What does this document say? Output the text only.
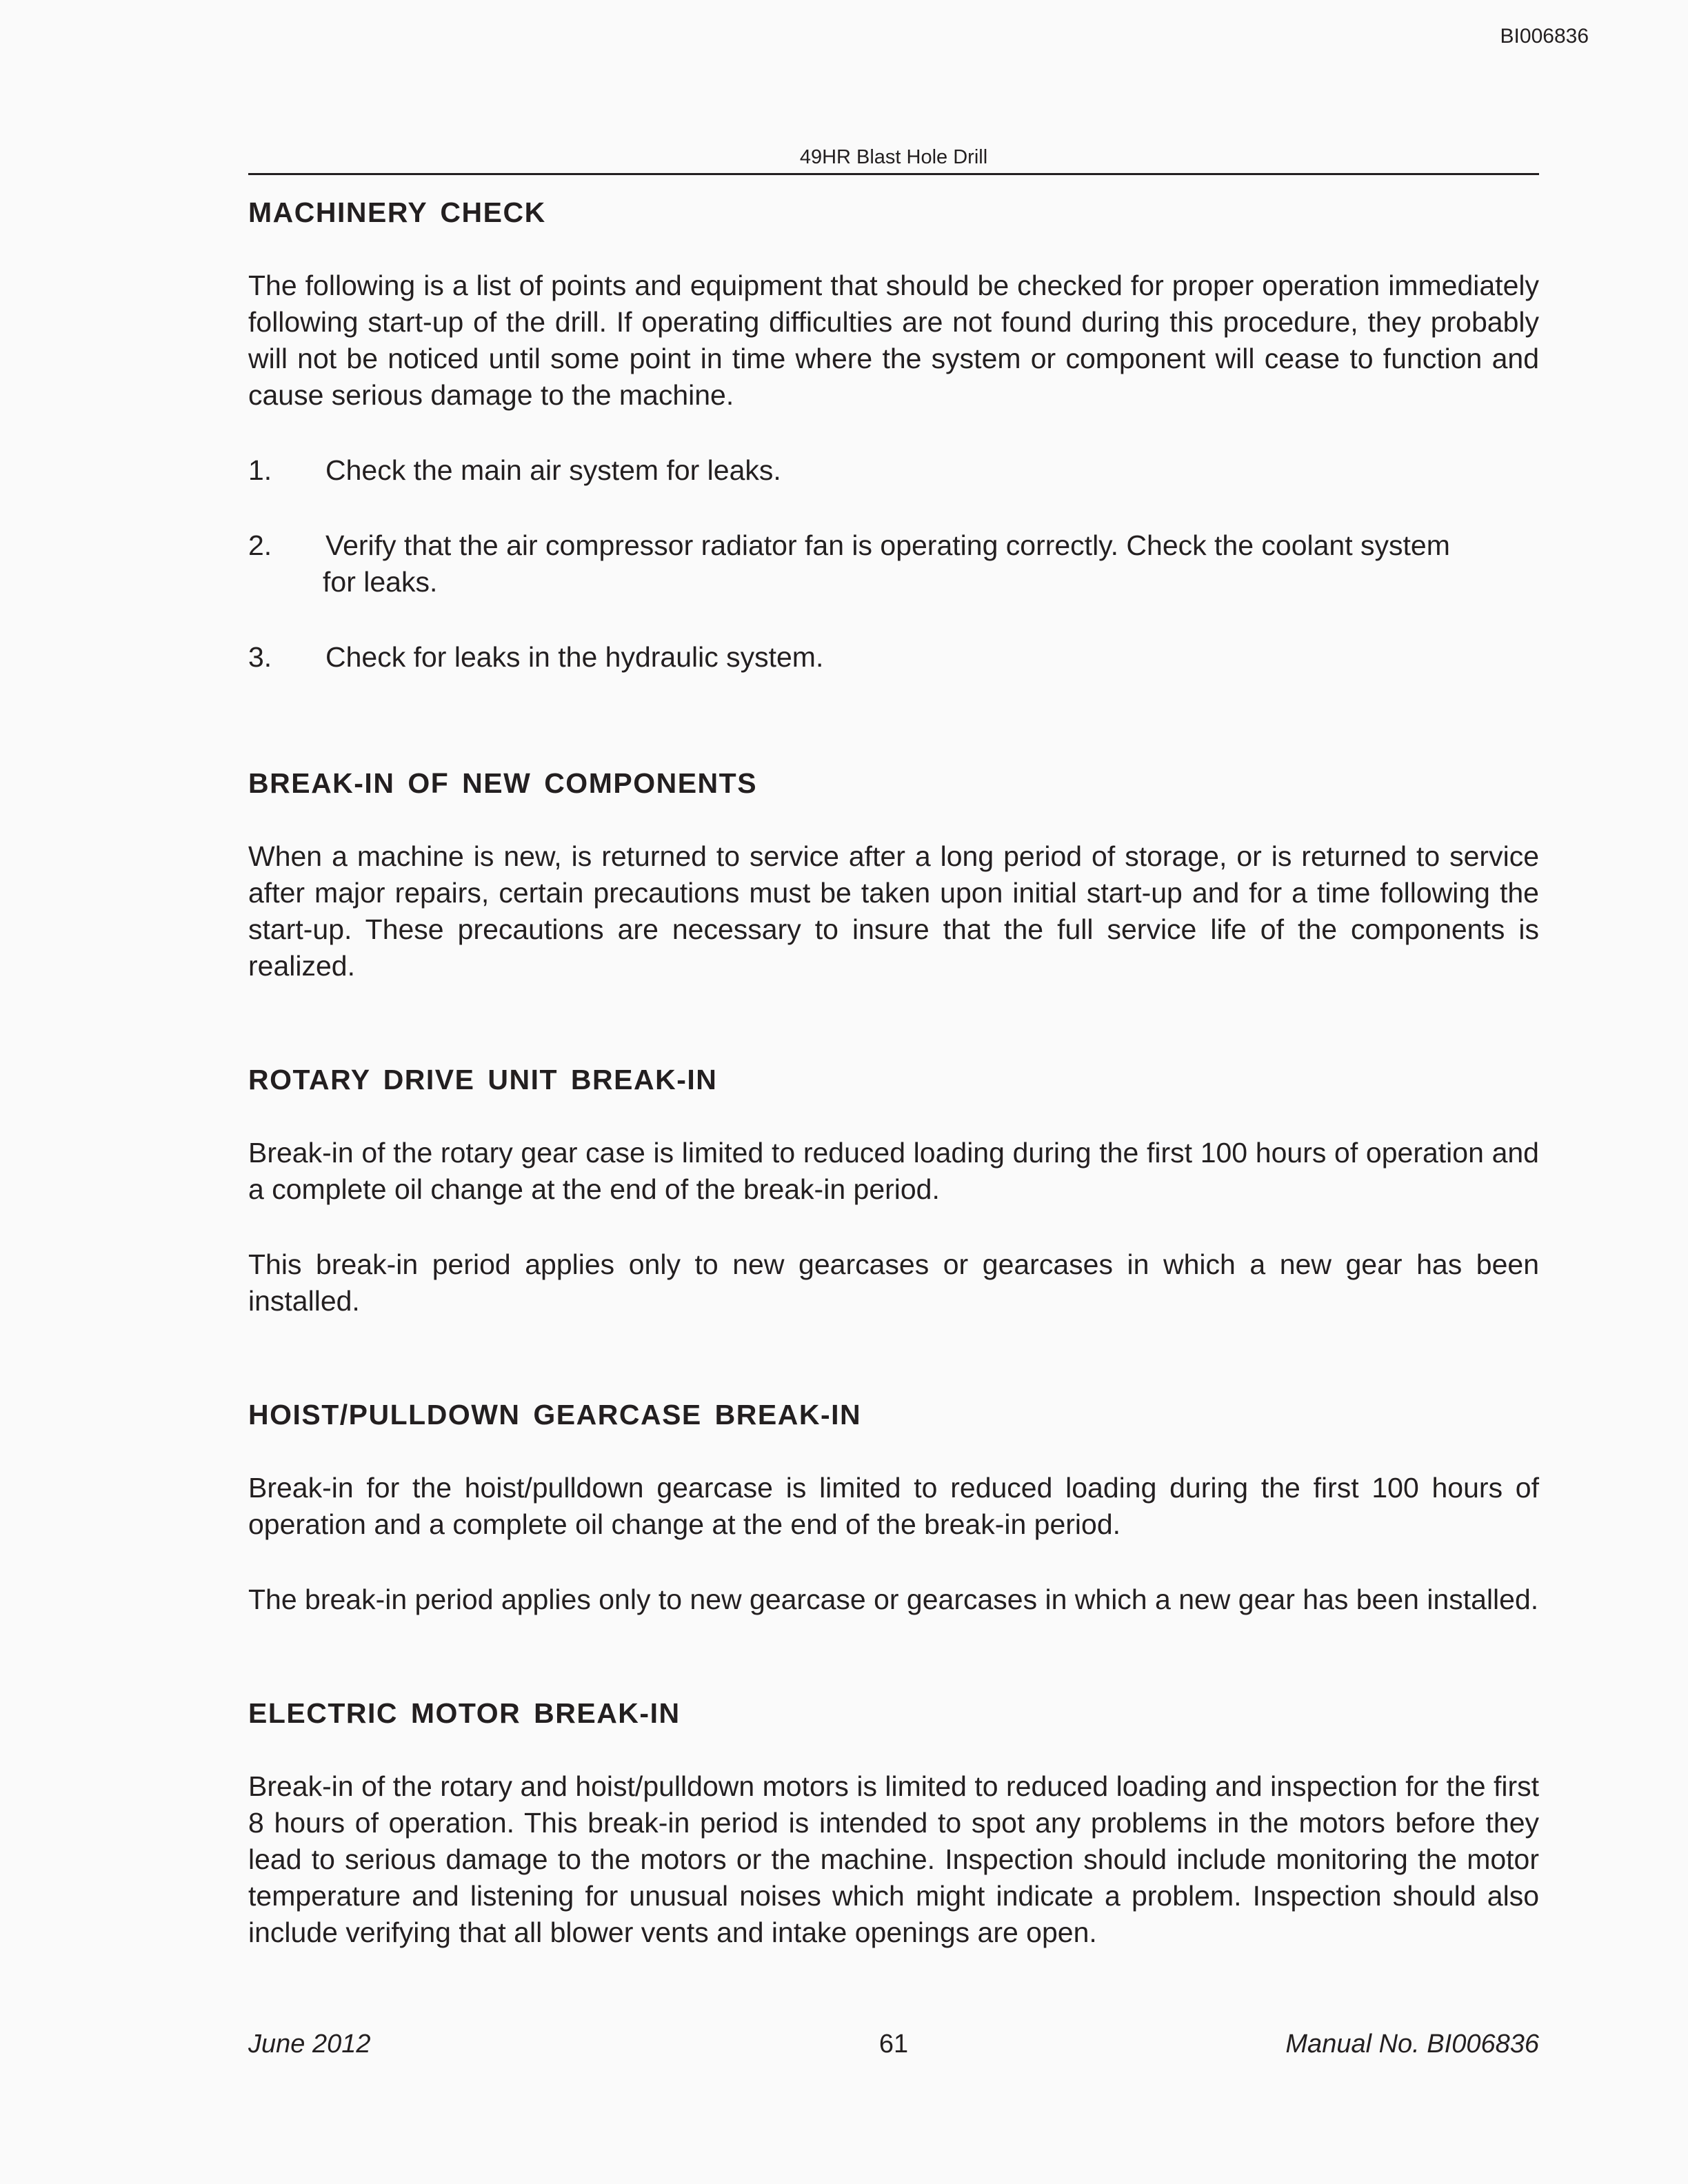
BI006836
49HR Blast Hole Drill
MACHINERY CHECK

The following is a list of points and equipment that should be checked for proper operation immediately following start-up of the drill. If operating difficulties are not found during this procedure, they probably will not be noticed until some point in time where the system or component will cease to function and cause serious damage to the machine.

1.	Check the main air system for leaks.
2.	Verify that the air compressor radiator fan is operating correctly. Check the coolant system
for leaks.
3.	Check for leaks in the hydraulic system.
BREAK-IN OF NEW COMPONENTS

When a machine is new, is returned to service after a long period of storage, or is returned to service after major repairs, certain precautions must be taken upon initial start-up and for a time following the start-up. These precautions are necessary to insure that the full service life of the components is realized.

ROTARY DRIVE UNIT BREAK-IN

Break-in of the rotary gear case is limited to reduced loading during the first 100 hours of operation and a complete oil change at the end of the break-in period.

This break-in period applies only to new gearcases or gearcases in which a new gear has been installed.

HOIST/PULLDOWN GEARCASE BREAK-IN

Break-in for the hoist/pulldown gearcase is limited to reduced loading during the first 100 hours of operation and a complete oil change at the end of the break-in period.

The break-in period applies only to new gearcase or gearcases in which a new gear has been installed.

ELECTRIC MOTOR BREAK-IN

Break-in of the rotary and hoist/pulldown motors is limited to reduced loading and inspection for the first 8 hours of operation. This break-in period is intended to spot any problems in the motors before they lead to serious damage to the motors or the machine. Inspection should include monitoring the motor temperature and listening for unusual noises which might indicate a problem. Inspection should also include verifying that all blower vents and intake openings are open.

June 2012	61	Manual No. BI006836
